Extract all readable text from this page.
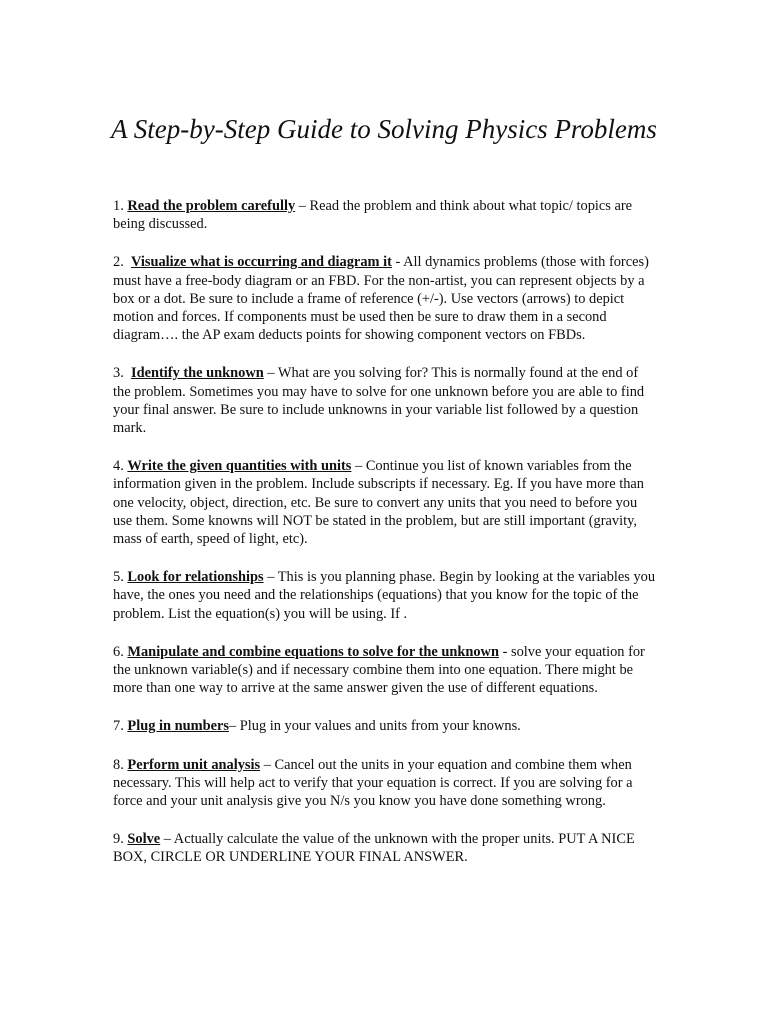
A Step-by-Step Guide to Solving Physics Problems
1. Read the problem carefully – Read the problem and think about what topic/ topics are being discussed.
2. Visualize what is occurring and diagram it - All dynamics problems (those with forces) must have a free-body diagram or an FBD. For the non-artist, you can represent objects by a box or a dot. Be sure to include a frame of reference (+/-). Use vectors (arrows) to depict motion and forces. If components must be used then be sure to draw them in a second diagram…. the AP exam deducts points for showing component vectors on FBDs.
3. Identify the unknown – What are you solving for? This is normally found at the end of the problem. Sometimes you may have to solve for one unknown before you are able to find your final answer. Be sure to include unknowns in your variable list followed by a question mark.
4. Write the given quantities with units – Continue you list of known variables from the information given in the problem. Include subscripts if necessary. Eg. If you have more than one velocity, object, direction, etc. Be sure to convert any units that you need to before you use them. Some knowns will NOT be stated in the problem, but are still important (gravity, mass of earth, speed of light, etc).
5. Look for relationships – This is you planning phase. Begin by looking at the variables you have, the ones you need and the relationships (equations) that you know for the topic of the problem. List the equation(s) you will be using. If .
6. Manipulate and combine equations to solve for the unknown - solve your equation for the unknown variable(s) and if necessary combine them into one equation. There might be more than one way to arrive at the same answer given the use of different equations.
7. Plug in numbers– Plug in your values and units from your knowns.
8. Perform unit analysis – Cancel out the units in your equation and combine them when necessary. This will help act to verify that your equation is correct. If you are solving for a force and your unit analysis give you N/s you know you have done something wrong.
9. Solve – Actually calculate the value of the unknown with the proper units. PUT A NICE BOX, CIRCLE OR UNDERLINE YOUR FINAL ANSWER.
